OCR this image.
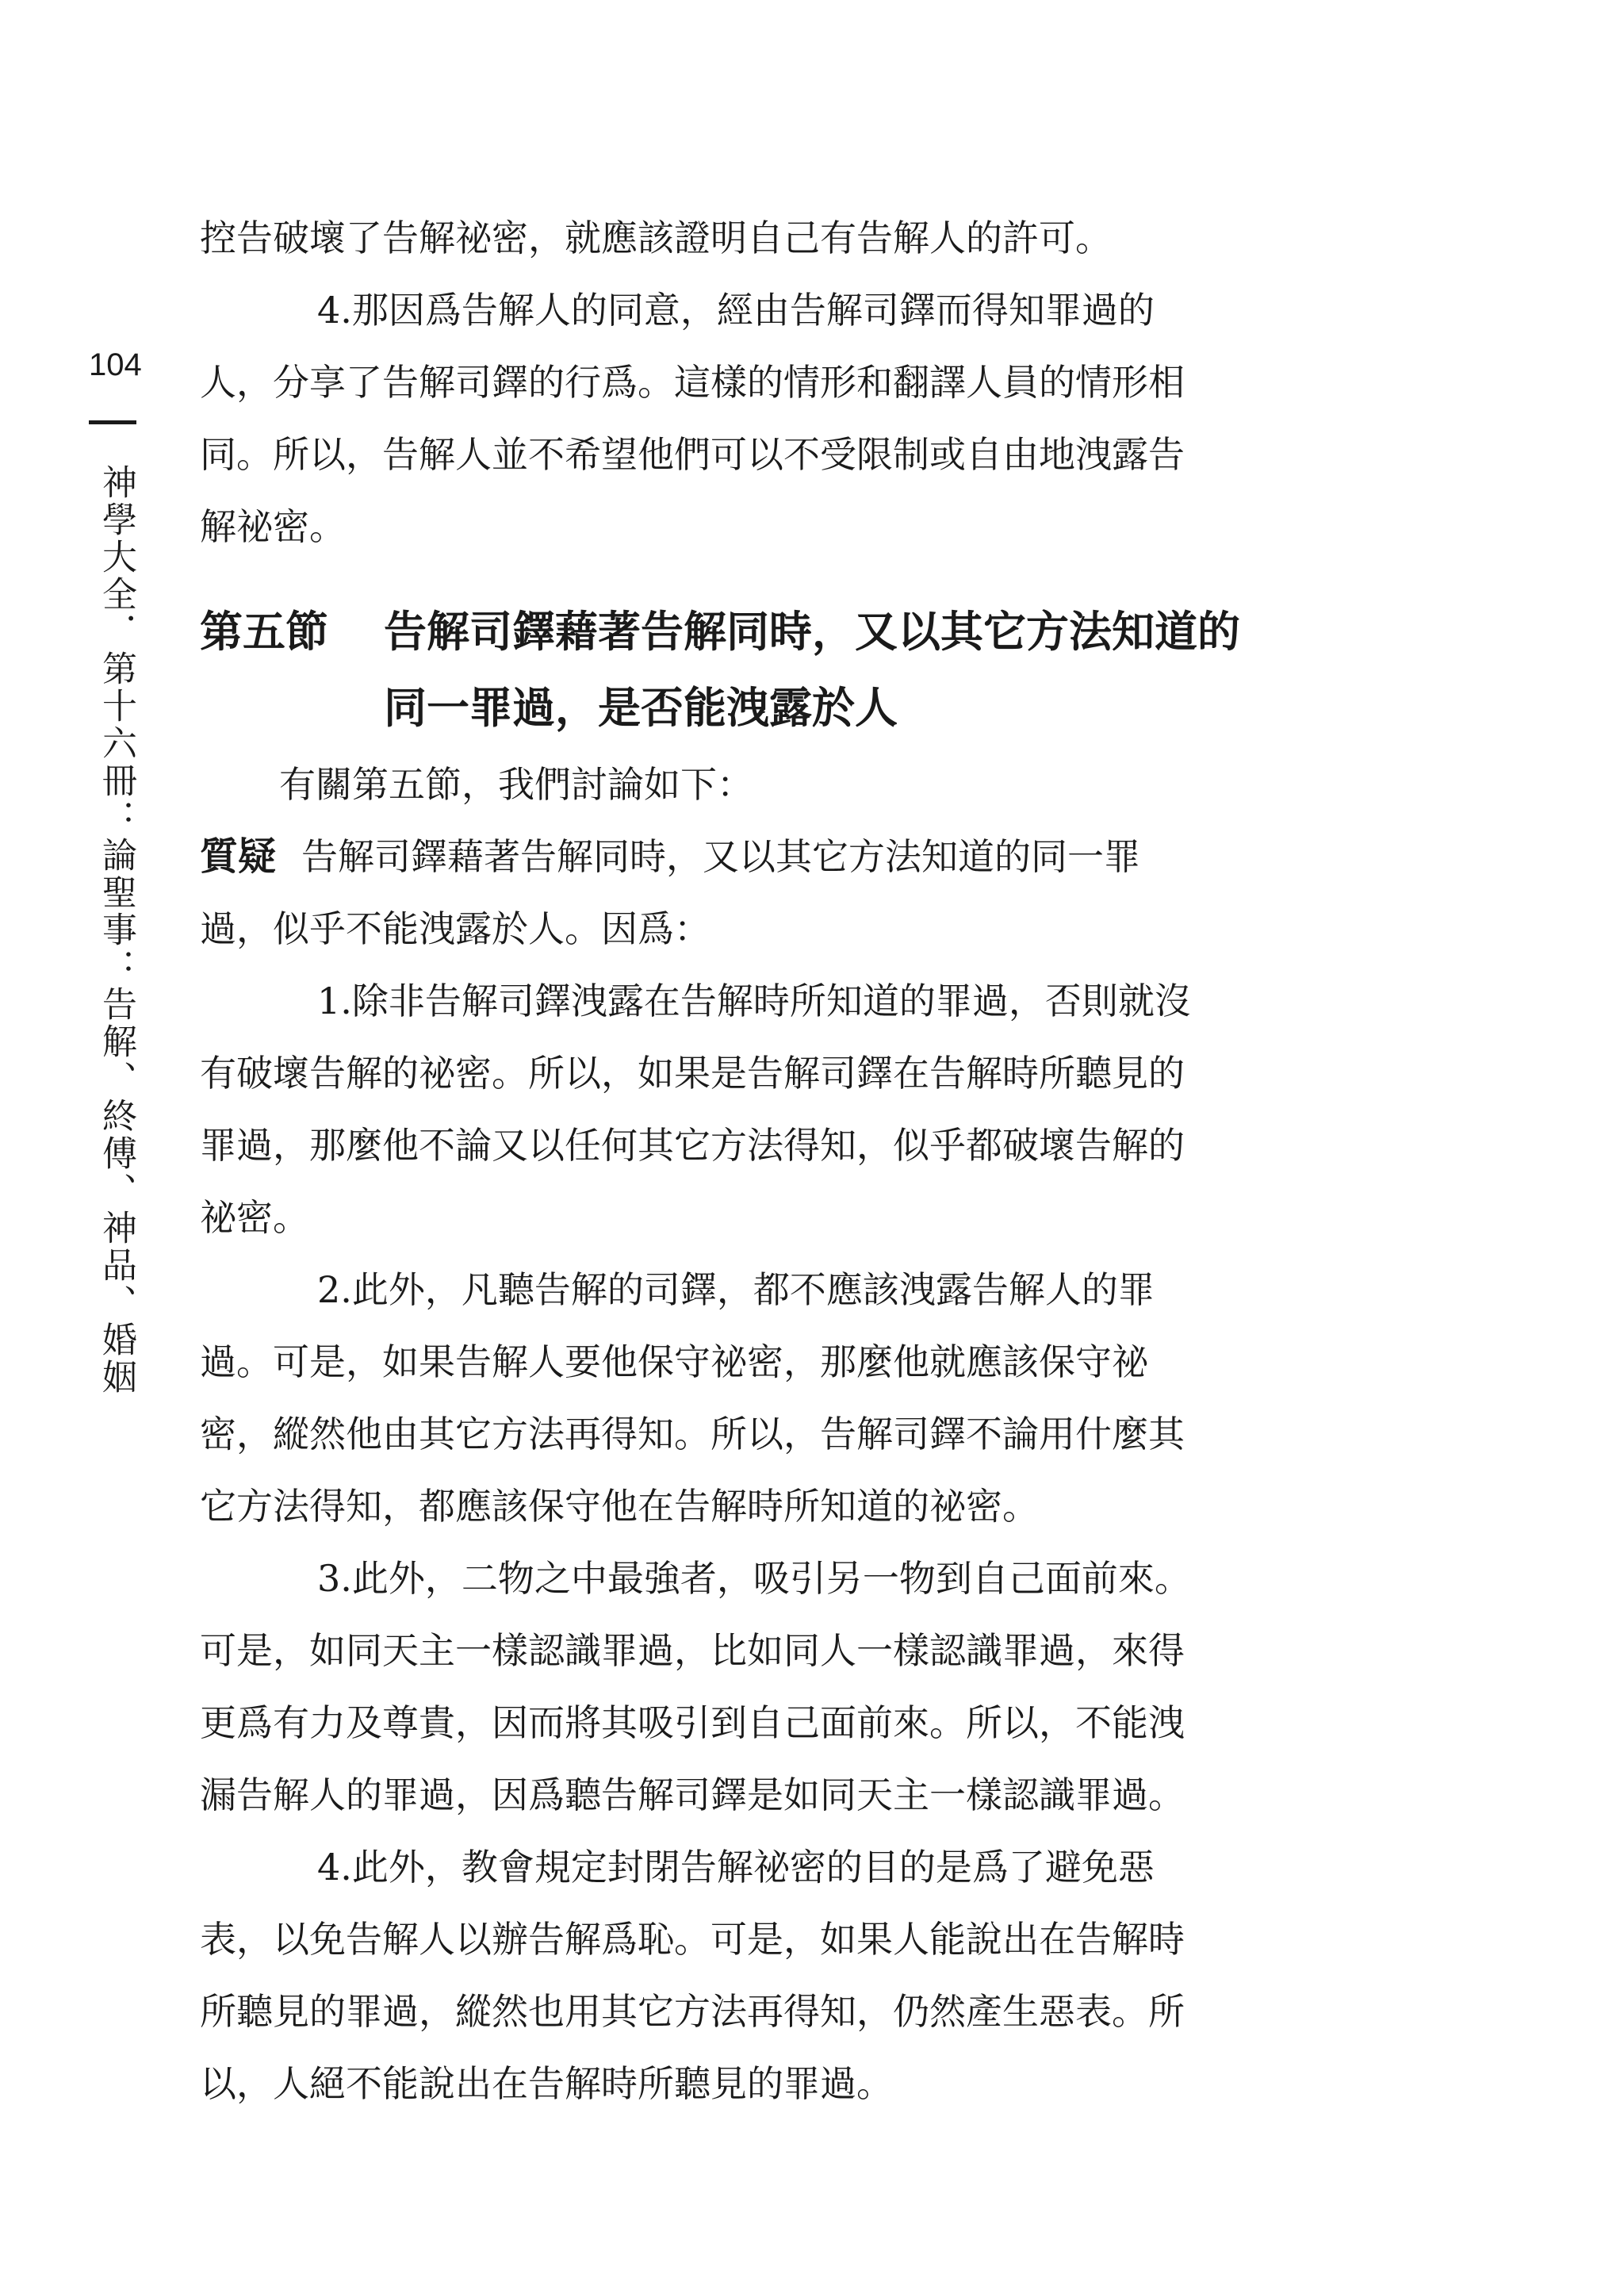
104
神學大全．第十六冊：論聖事：告解、終傅、神品、婚姻
控告破壞了告解祕密，就應該證明自己有告解人的許可。
4.那因爲告解人的同意，經由告解司鐸而得知罪過的
人，分享了告解司鐸的行爲。這樣的情形和翻譯人員的情形相
同。所以，告解人並不希望他們可以不受限制或自由地洩露告
解祕密。
第五節 告解司鐸藉著告解同時，又以其它方法知道的
同一罪過，是否能洩露於人
有關第五節，我們討論如下：
質疑 告解司鐸藉著告解同時，又以其它方法知道的同一罪
過，似乎不能洩露於人。因爲：
1.除非告解司鐸洩露在告解時所知道的罪過，否則就沒
有破壞告解的祕密。所以，如果是告解司鐸在告解時所聽見的
罪過，那麼他不論又以任何其它方法得知，似乎都破壞告解的
祕密。
2.此外，凡聽告解的司鐸，都不應該洩露告解人的罪
過。可是，如果告解人要他保守祕密，那麼他就應該保守祕
密，縱然他由其它方法再得知。所以，告解司鐸不論用什麼其
它方法得知，都應該保守他在告解時所知道的祕密。
3.此外，二物之中最強者，吸引另一物到自己面前來。
可是，如同天主一樣認識罪過，比如同人一樣認識罪過，來得
更爲有力及尊貴，因而將其吸引到自己面前來。所以，不能洩
漏告解人的罪過，因爲聽告解司鐸是如同天主一樣認識罪過。
4.此外，教會規定封閉告解祕密的目的是爲了避免惡
表，以免告解人以辦告解爲恥。可是，如果人能說出在告解時
所聽見的罪過，縱然也用其它方法再得知，仍然產生惡表。所
以，人絕不能說出在告解時所聽見的罪過。
